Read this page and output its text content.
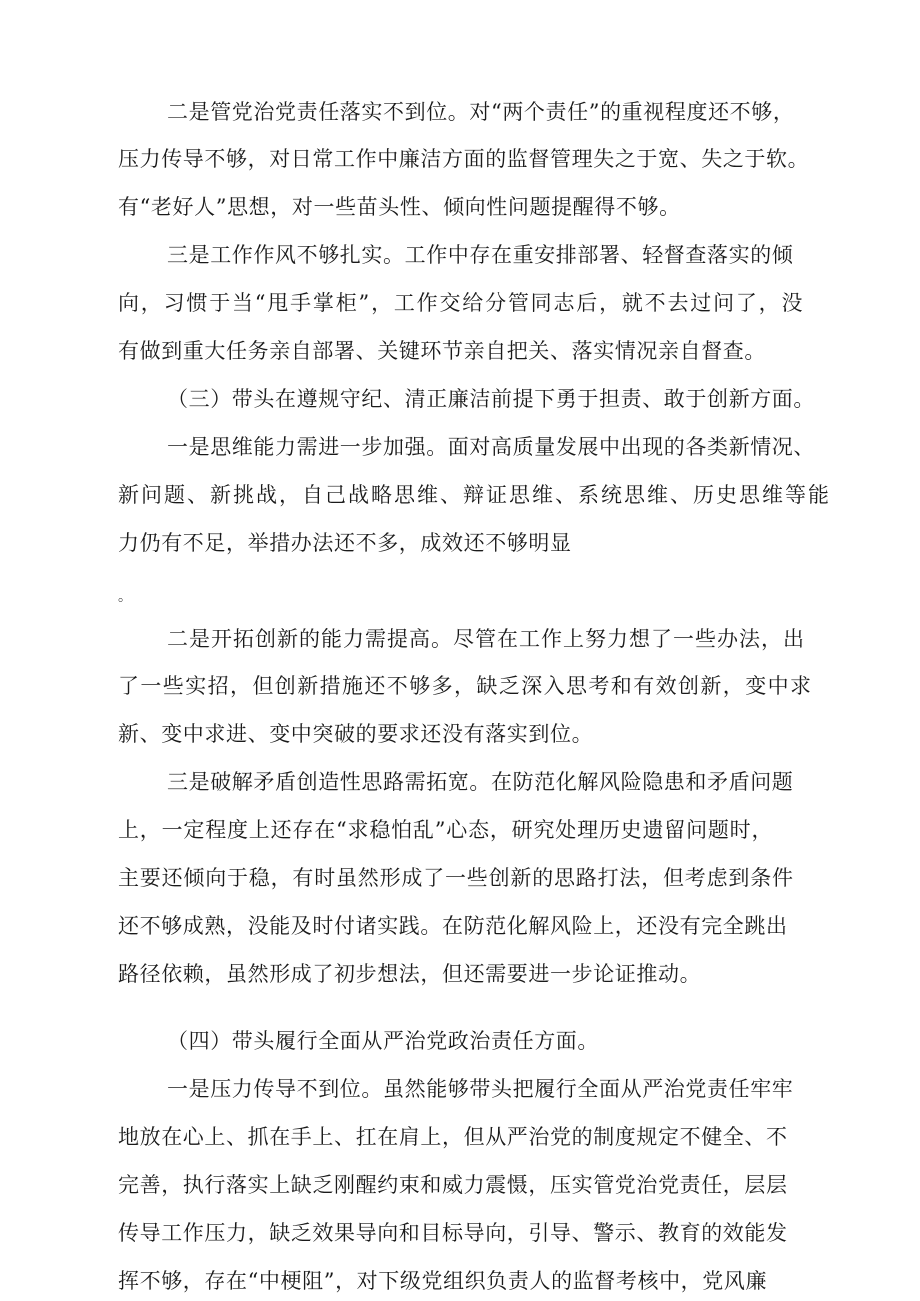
二是管党治党责任落实不到位。对“两个责任”的重视程度还不够，
压力传导不够，对日常工作中廉洁方面的监督管理失之于宽、失之于软。
有“老好人”思想，对一些苗头性、倾向性问题提醒得不够。
三是工作作风不够扎实。工作中存在重安排部署、轻督查落实的倾
向，习惯于当“甩手掌柜”，工作交给分管同志后，就不去过问了，没
有做到重大任务亲自部署、关键环节亲自把关、落实情况亲自督查。
（三）带头在遵规守纪、清正廉洁前提下勇于担责、敢于创新方面。
一是思维能力需进一步加强。面对高质量发展中出现的各类新情况、
新问题、新挑战，自己战略思维、辩证思维、系统思维、历史思维等能
力仍有不足，举措办法还不多，成效还不够明显
。
二是开拓创新的能力需提高。尽管在工作上努力想了一些办法，出
了一些实招，但创新措施还不够多，缺乏深入思考和有效创新，变中求
新、变中求进、变中突破的要求还没有落实到位。
三是破解矛盾创造性思路需拓宽。在防范化解风险隐患和矛盾问题
上，一定程度上还存在“求稳怕乱”心态，研究处理历史遗留问题时，
主要还倾向于稳，有时虽然形成了一些创新的思路打法，但考虑到条件
还不够成熟，没能及时付诸实践。在防范化解风险上，还没有完全跳出
路径依赖，虽然形成了初步想法，但还需要进一步论证推动。
（四）带头履行全面从严治党政治责任方面。
一是压力传导不到位。虽然能够带头把履行全面从严治党责任牢牢
地放在心上、抓在手上、扛在肩上，但从严治党的制度规定不健全、不
完善，执行落实上缺乏刚醒约束和威力震慑，压实管党治党责任，层层
传导工作压力，缺乏效果导向和目标导向，引导、警示、教育的效能发
挥不够，存在“中梗阻”，对下级党组织负责人的监督考核中，党风廉
